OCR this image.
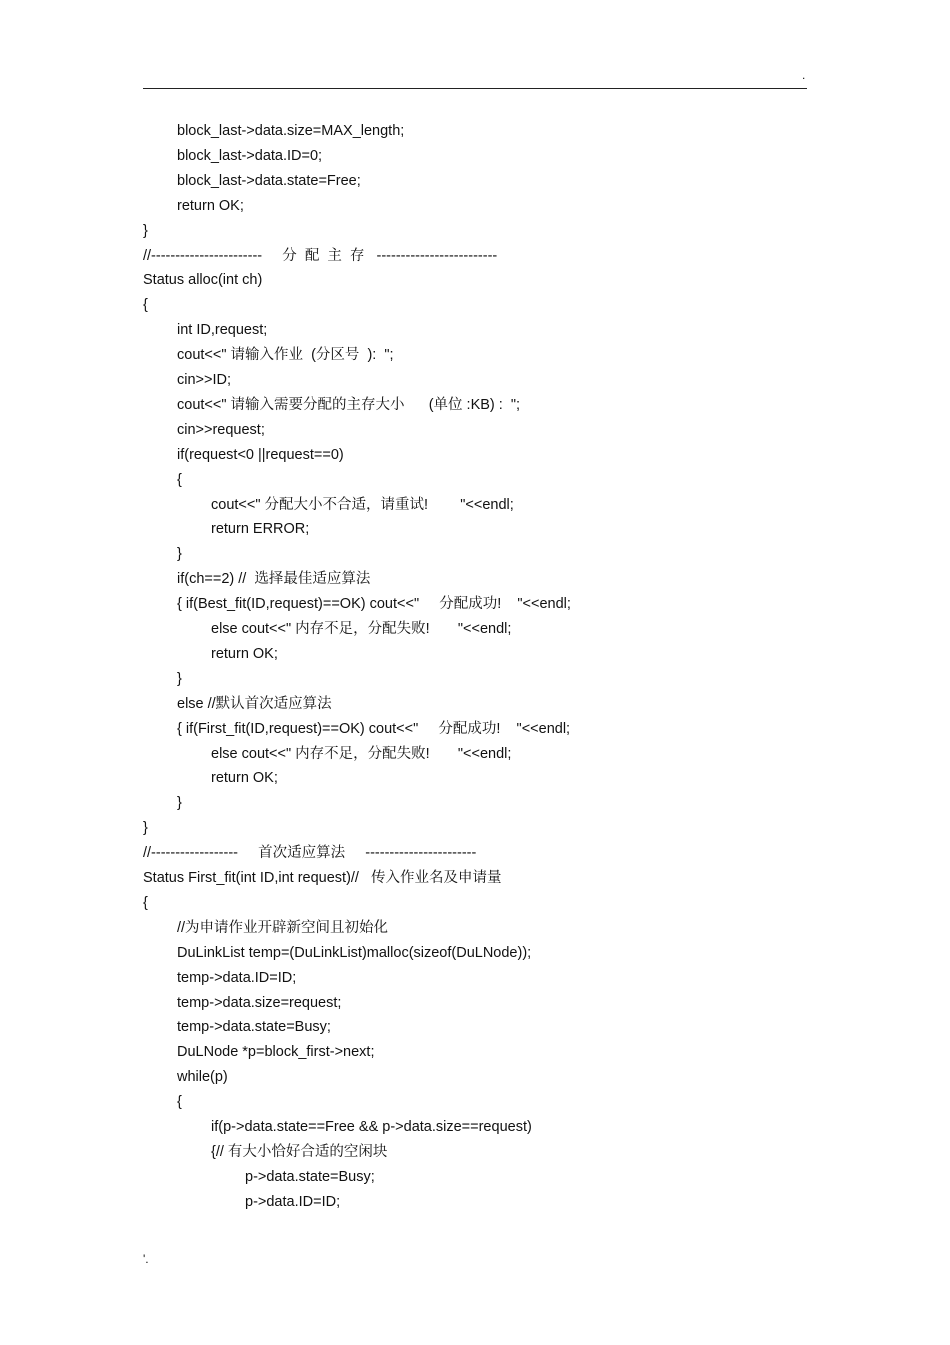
.
block_last->data.size=MAX_length;
block_last->data.ID=0;
block_last->data.state=Free;
return OK;
}
//-----------------------     分  配  主  存   -------------------------
Status alloc(int ch)
{
int ID,request;
cout<<" 请输入作业  (分区号  ):  ";
cin>>ID;
cout<<" 请输入需要分配的主存大小      (单位 :KB) :  ";
cin>>request;
if(request<0 ||request==0)
{
cout<<" 分配大小不合适，请重试!        "<<endl;
return ERROR;
}
if(ch==2) //  选择最佳适应算法
{ if(Best_fit(ID,request)==OK) cout<<"     分配成功!    "<<endl;
else cout<<" 内存不足，分配失败!       "<<endl;
return OK;
}
else //默认首次适应算法
{ if(First_fit(ID,request)==OK) cout<<"     分配成功!    "<<endl;
else cout<<" 内存不足，分配失败!       "<<endl;
return OK;
}
}
//------------------     首次适应算法     -----------------------
Status First_fit(int ID,int request)//   传入作业名及申请量
{
//为申请作业开辟新空间且初始化
DuLinkList temp=(DuLinkList)malloc(sizeof(DuLNode));
temp->data.ID=ID;
temp->data.size=request;
temp->data.state=Busy;
DuLNode *p=block_first->next;
while(p)
{
if(p->data.state==Free && p->data.size==request)
{// 有大小恰好合适的空闲块
p->data.state=Busy;
p->data.ID=ID;
'.
